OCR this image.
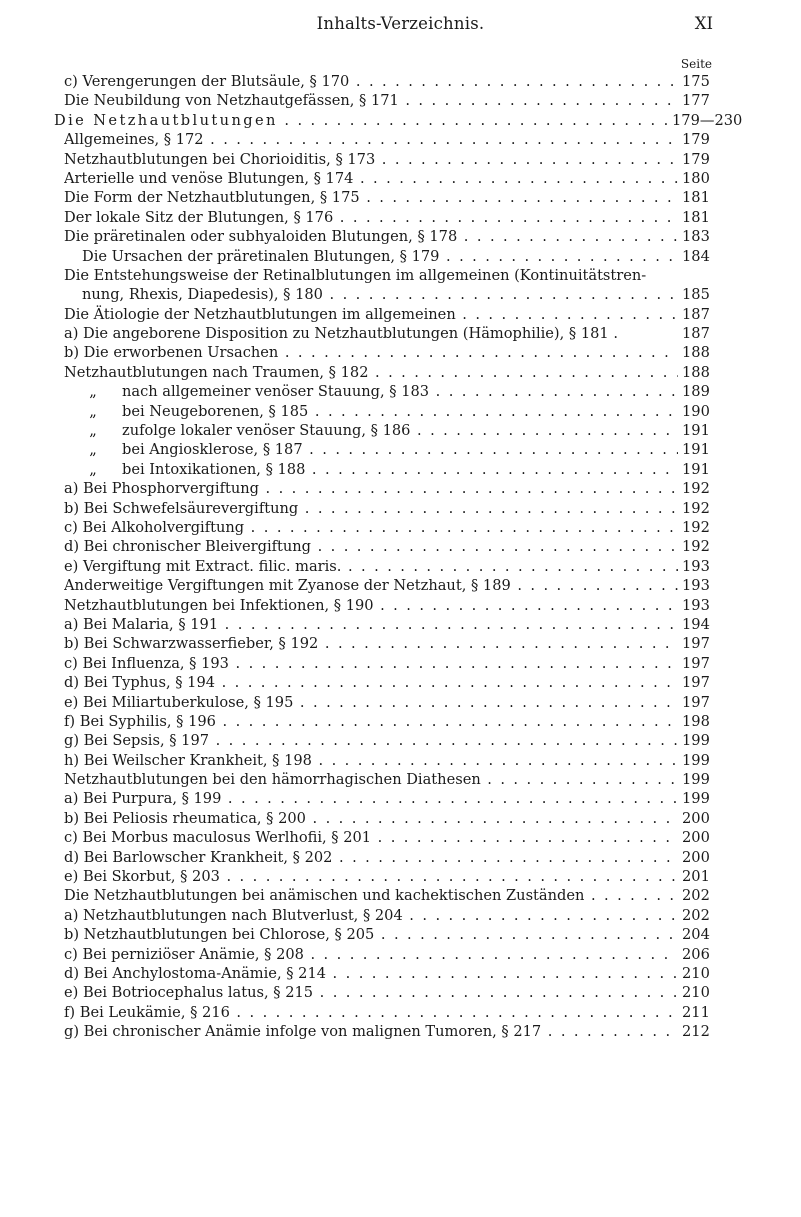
Inhalts-Verzeichnis.	XI
Seite
c) Verengerungen der Blutsäule, § 170 . . .	175
Die Neubildung von Netzhautgefässen, § 171 . . .	177
Die Netzhautblutungen . . .	179—230
Allgemeines, § 172 . . .	179
Netzhautblutungen bei Chorioiditis, § 173 . . .	179
Arterielle und venöse Blutungen, § 174 . . .	180
Die Form der Netzhautblutungen, § 175 . . .	181
Der lokale Sitz der Blutungen, § 176 . . .	181
Die präretinalen oder subhyaloiden Blutungen, § 178 . . .	183
Die Ursachen der präretinalen Blutungen, § 179 . . .	184
Die Entstehungsweise der Retinalblutungen im allgemeinen (Kontinuitätstren-
nung, Rhexis, Diapedesis), § 180 . . .	185
Die Ätiologie der Netzhautblutungen im allgemeinen . . .	187
a) Die angeborene Disposition zu Netzhautblutungen (Hämophilie), § 181 .	187
b) Die erworbenen Ursachen . . .	188
Netzhautblutungen nach Traumen, § 182 . . .	188
„ nach allgemeiner venöser Stauung, § 183 . . .	189
„ bei Neugeborenen, § 185 . . .	190
„ zufolge lokaler venöser Stauung, § 186 . . .	191
„ bei Angiosklerose, § 187 . . .	191
„ bei Intoxikationen, § 188 . . .	191
a) Bei Phosphorvergiftung . . .	192
b) Bei Schwefelsäurevergiftung . . .	192
c) Bei Alkoholvergiftung . . .	192
d) Bei chronischer Bleivergiftung . . .	192
e) Vergiftung mit Extract. filic. maris. . . .	193
Anderweitige Vergiftungen mit Zyanose der Netzhaut, § 189 . . .	193
Netzhautblutungen bei Infektionen, § 190 . . .	193
a) Bei Malaria, § 191 . . .	194
b) Bei Schwarzwasserfieber, § 192 . . .	197
c) Bei Influenza, § 193 . . .	197
d) Bei Typhus, § 194 . . .	197
e) Bei Miliartuberkulose, § 195 . . .	197
f) Bei Syphilis, § 196 . . .	198
g) Bei Sepsis, § 197 . . .	199
h) Bei Weilscher Krankheit, § 198 . . .	199
Netzhautblutungen bei den hämorrhagischen Diathesen . . .	199
a) Bei Purpura, § 199 . . .	199
b) Bei Peliosis rheumatica, § 200 . . .	200
c) Bei Morbus maculosus Werlhofii, § 201 . . .	200
d) Bei Barlowscher Krankheit, § 202 . . .	200
e) Bei Skorbut, § 203 . . .	201
Die Netzhautblutungen bei anämischen und kachektischen Zuständen . . .	202
a) Netzhautblutungen nach Blutverlust, § 204 . . .	202
b) Netzhautblutungen bei Chlorose, § 205 . . .	204
c) Bei perniziöser Anämie, § 208 . . .	206
d) Bei Anchylostoma-Anämie, § 214 . . .	210
e) Bei Botriocephalus latus, § 215 . . .	210
f) Bei Leukämie, § 216 . . .	211
g) Bei chronischer Anämie infolge von malignen Tumoren, § 217 . . .	212
